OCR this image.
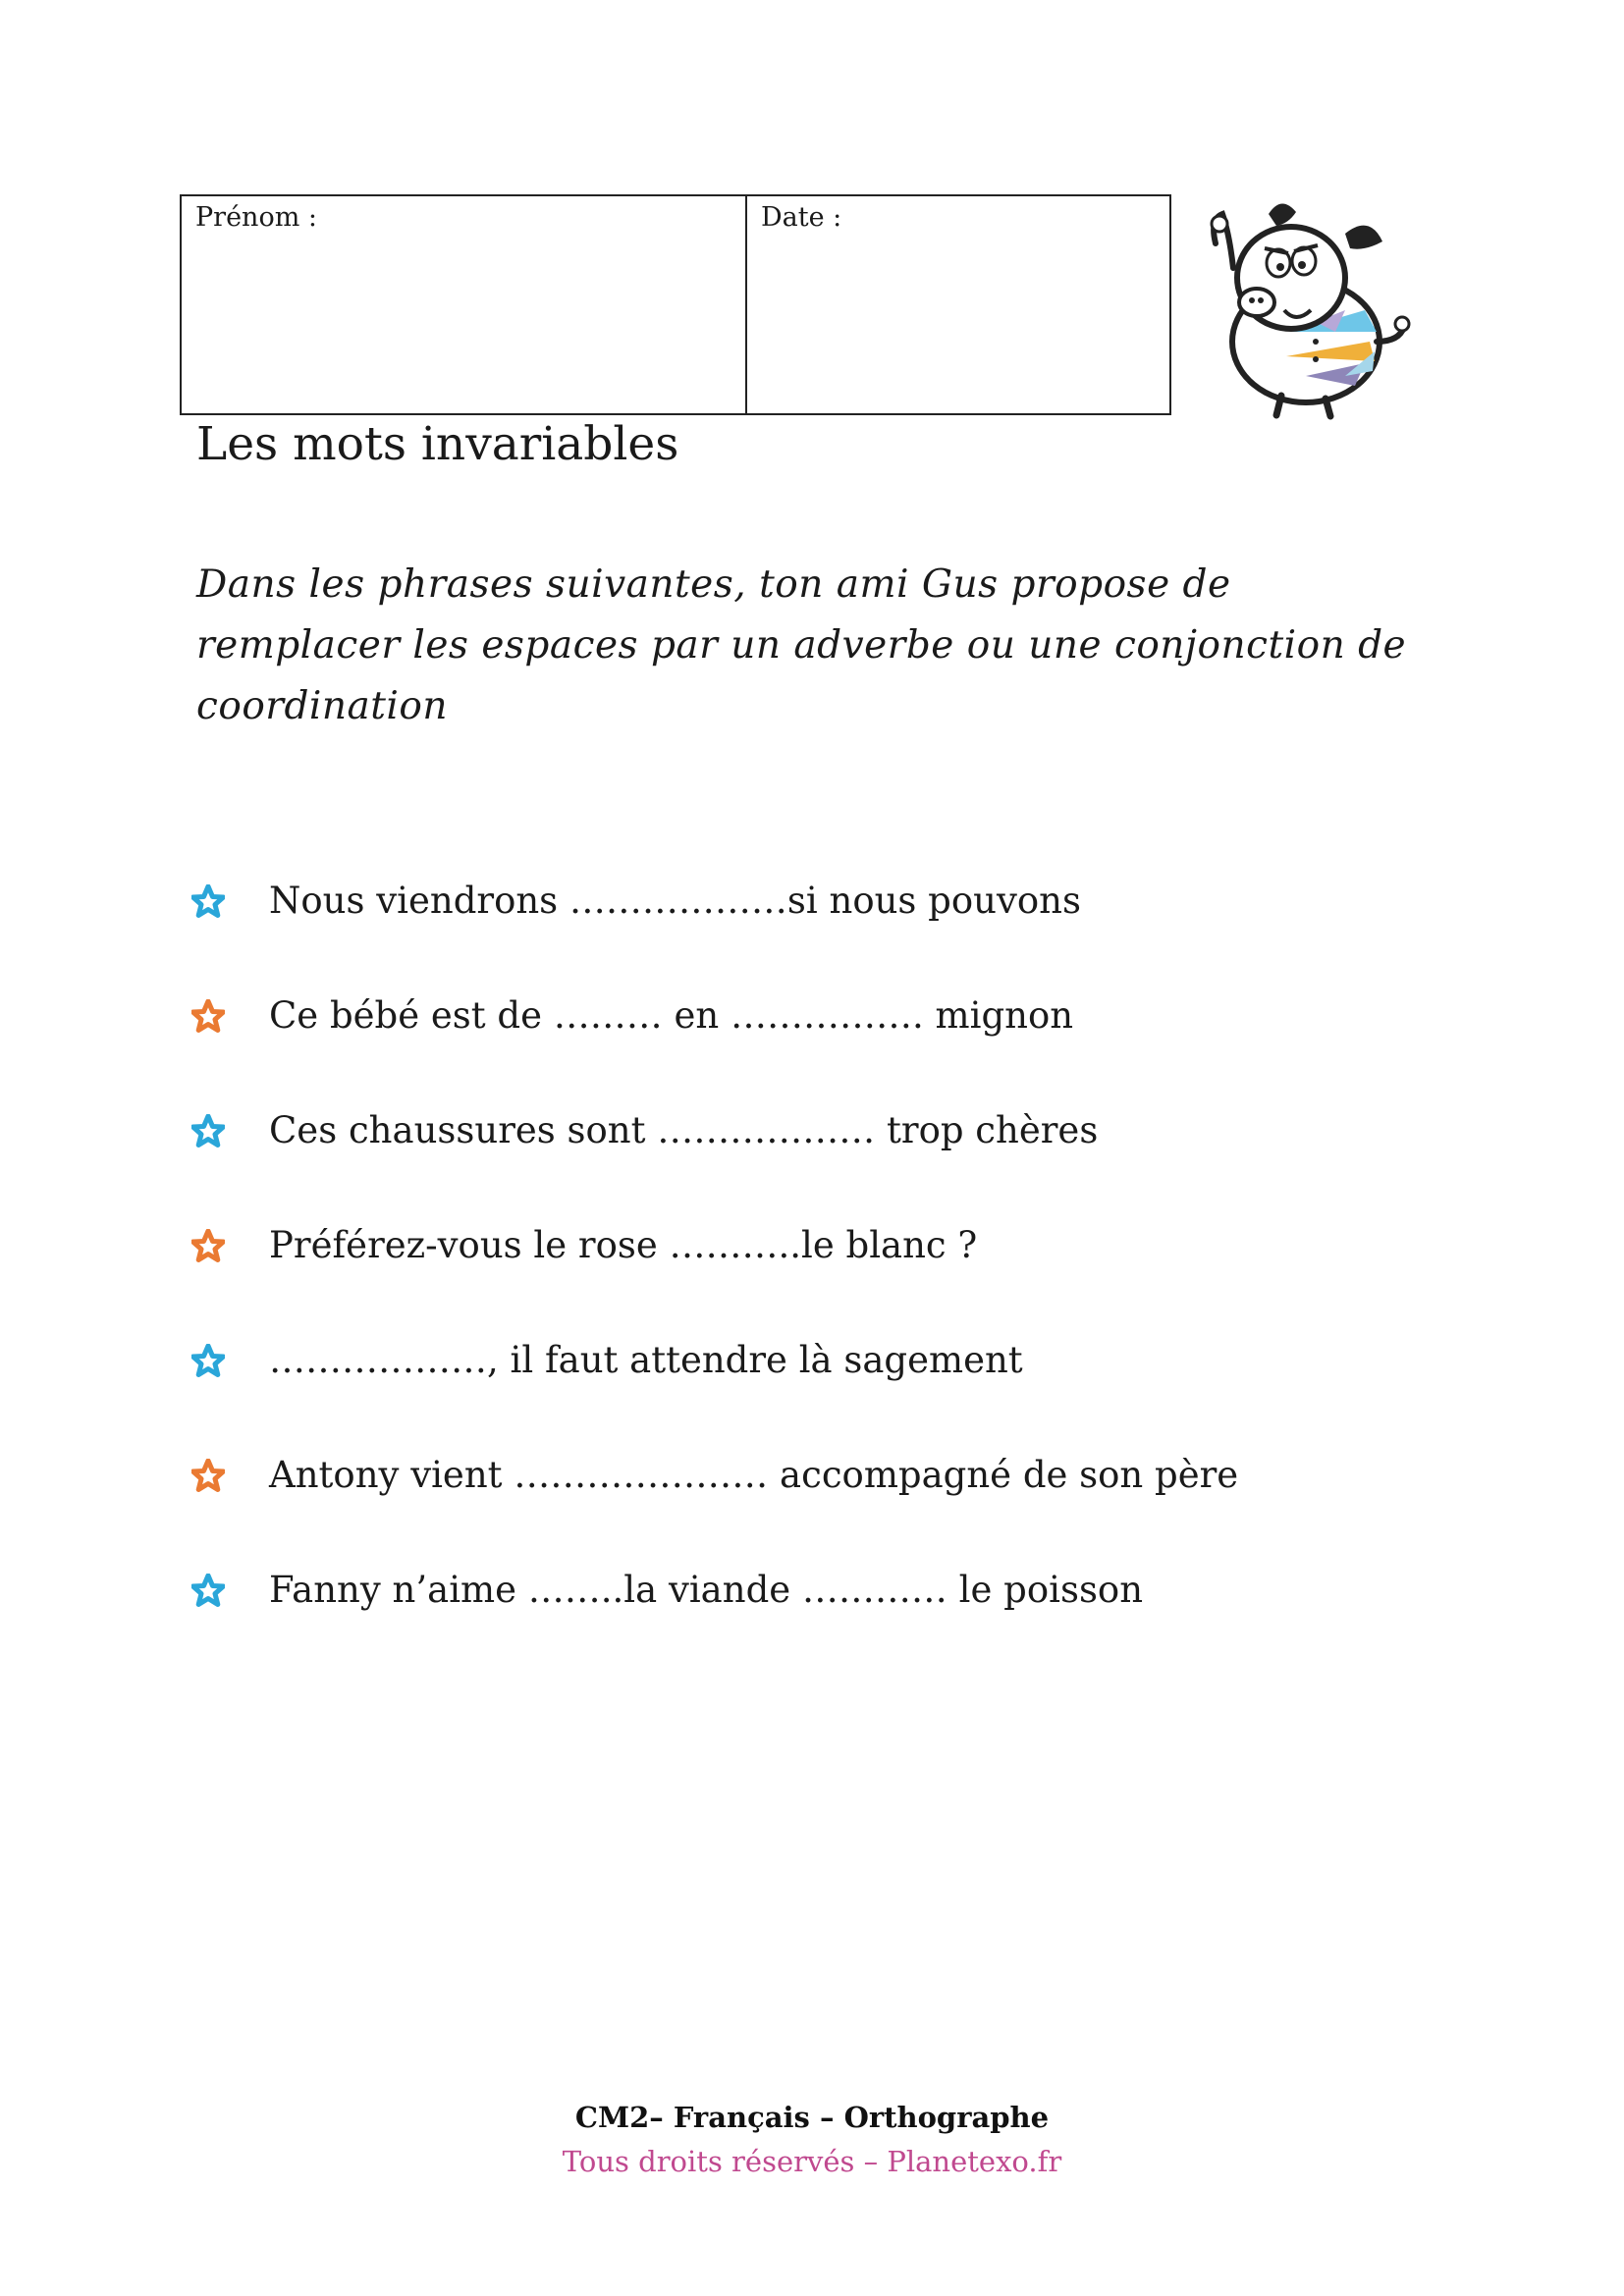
Prénom :	Date :
Les mots invariables
Dans les phrases suivantes, ton ami Gus propose de remplacer les espaces par un adverbe ou une conjonction de coordination
Nous viendrons ………………si nous pouvons
Ce bébé est de ……… en ……………. mignon
Ces chaussures sont ……………… trop chères
Préférez-vous le rose ………..le blanc ?
………………, il faut attendre là sagement
Antony vient ………………… accompagné de son père
Fanny n’aime ……..la viande ………… le poisson
CM2– Français – Orthographe
Tous droits réservés – Planetexo.fr
